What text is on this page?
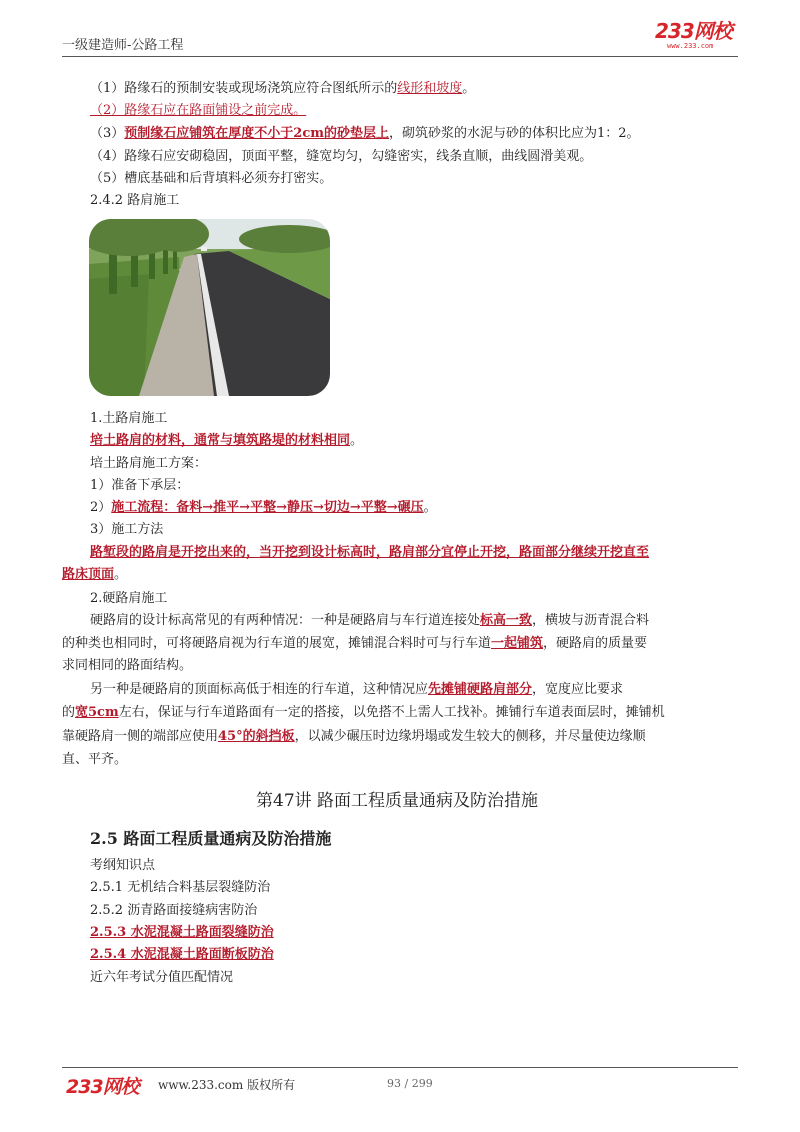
一级建造师-公路工程
233网校
www.233.com
（1）路缘石的预制安装或现场浇筑应符合图纸所示的线形和坡度。
（2）路缘石应在路面铺设之前完成。
（3）预制缘石应铺筑在厚度不小于2cm的砂垫层上，砌筑砂浆的水泥与砂的体积比应为1：2。
（4）路缘石应安砌稳固，顶面平整，缝宽均匀，勾缝密实，线条直顺，曲线圆滑美观。
（5）槽底基础和后背填料必须夯打密实。
2.4.2 路肩施工
1.土路肩施工
培土路肩的材料，通常与填筑路堤的材料相同。
培土路肩施工方案：
1）准备下承层：
2）施工流程：备料→推平→平整→静压→切边→平整→碾压。
3）施工方法
路堑段的路肩是开挖出来的，当开挖到设计标高时，路肩部分宜停止开挖，路面部分继续开挖直至
路床顶面。
2.硬路肩施工
硬路肩的设计标高常见的有两种情况：一种是硬路肩与车行道连接处标高一致，横坡与沥青混合料
的种类也相同时，可将硬路肩视为行车道的展宽，摊铺混合料时可与行车道一起铺筑，硬路肩的质量要
求同相同的路面结构。
另一种是硬路肩的顶面标高低于相连的行车道，这种情况应先摊铺硬路肩部分，宽度应比要求
的宽5cm左右，保证与行车道路面有一定的搭接，以免搭不上需人工找补。摊铺行车道表面层时，摊铺机
靠硬路肩一侧的端部应使用45°的斜挡板，以减少碾压时边缘坍塌或发生较大的侧移，并尽量使边缘顺
直、平齐。
第47讲 路面工程质量通病及防治措施
2.5 路面工程质量通病及防治措施
考纲知识点
2.5.1 无机结合料基层裂缝防治
2.5.2 沥青路面接缝病害防治
2.5.3 水泥混凝土路面裂缝防治
2.5.4 水泥混凝土路面断板防治
近六年考试分值匹配情况
233网校 www.233.com 版权所有	93 / 299
